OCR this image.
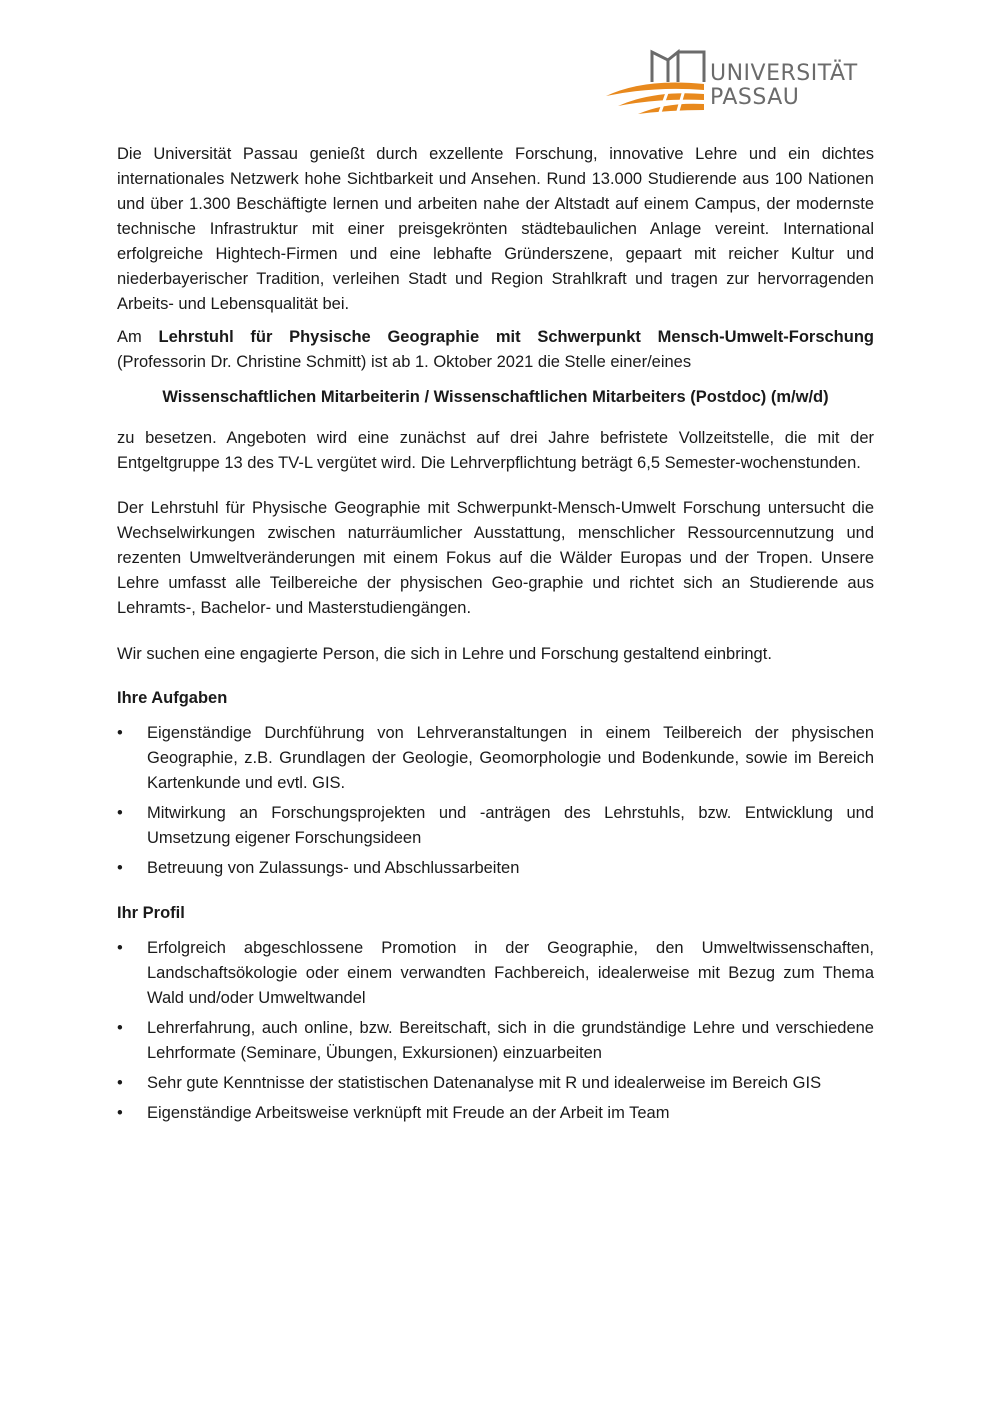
UNIVERSITÄT
PASSAU

Die Universität Passau genießt durch exzellente Forschung, innovative Lehre und ein dichtes internationales Netzwerk hohe Sichtbarkeit und Ansehen. Rund 13.000 Studierende aus 100 Nationen und über 1.300 Beschäftigte lernen und arbeiten nahe der Altstadt auf einem Campus, der modernste technische Infrastruktur mit einer preisgekrönten städtebaulichen Anlage vereint. International erfolgreiche Hightech-Firmen und eine lebhafte Gründerszene, gepaart mit reicher Kultur und niederbayerischer Tradition, verleihen Stadt und Region Strahlkraft und tragen zur hervorragenden Arbeits- und Lebensqualität bei.

Am Lehrstuhl für Physische Geographie mit Schwerpunkt Mensch-Umwelt-Forschung (Professorin Dr. Christine Schmitt) ist ab 1. Oktober 2021 die Stelle einer/eines

Wissenschaftlichen Mitarbeiterin / Wissenschaftlichen Mitarbeiters (Postdoc) (m/w/d)

zu besetzen. Angeboten wird eine zunächst auf drei Jahre befristete Vollzeitstelle, die mit der Entgeltgruppe 13 des TV-L vergütet wird. Die Lehrverpflichtung beträgt 6,5 Semester-wochenstunden.

Der Lehrstuhl für Physische Geographie mit Schwerpunkt-Mensch-Umwelt Forschung untersucht die Wechselwirkungen zwischen naturräumlicher Ausstattung, menschlicher Ressourcennutzung und rezenten Umweltveränderungen mit einem Fokus auf die Wälder Europas und der Tropen. Unsere Lehre umfasst alle Teilbereiche der physischen Geo-graphie und richtet sich an Studierende aus Lehramts-, Bachelor- und Masterstudiengängen.

Wir suchen eine engagierte Person, die sich in Lehre und Forschung gestaltend einbringt.

Ihre Aufgaben
• Eigenständige Durchführung von Lehrveranstaltungen in einem Teilbereich der physischen Geographie, z.B. Grundlagen der Geologie, Geomorphologie und Bodenkunde, sowie im Bereich Kartenkunde und evtl. GIS.
• Mitwirkung an Forschungsprojekten und -anträgen des Lehrstuhls, bzw. Entwicklung und Umsetzung eigener Forschungsideen
• Betreuung von Zulassungs- und Abschlussarbeiten
Ihr Profil
• Erfolgreich abgeschlossene Promotion in der Geographie, den Umweltwissenschaften, Landschaftsökologie oder einem verwandten Fachbereich, idealerweise mit Bezug zum Thema Wald und/oder Umweltwandel
• Lehrerfahrung, auch online, bzw. Bereitschaft, sich in die grundständige Lehre und verschiedene Lehrformate (Seminare, Übungen, Exkursionen) einzuarbeiten
• Sehr gute Kenntnisse der statistischen Datenanalyse mit R und idealerweise im Bereich GIS
• Eigenständige Arbeitsweise verknüpft mit Freude an der Arbeit im Team
